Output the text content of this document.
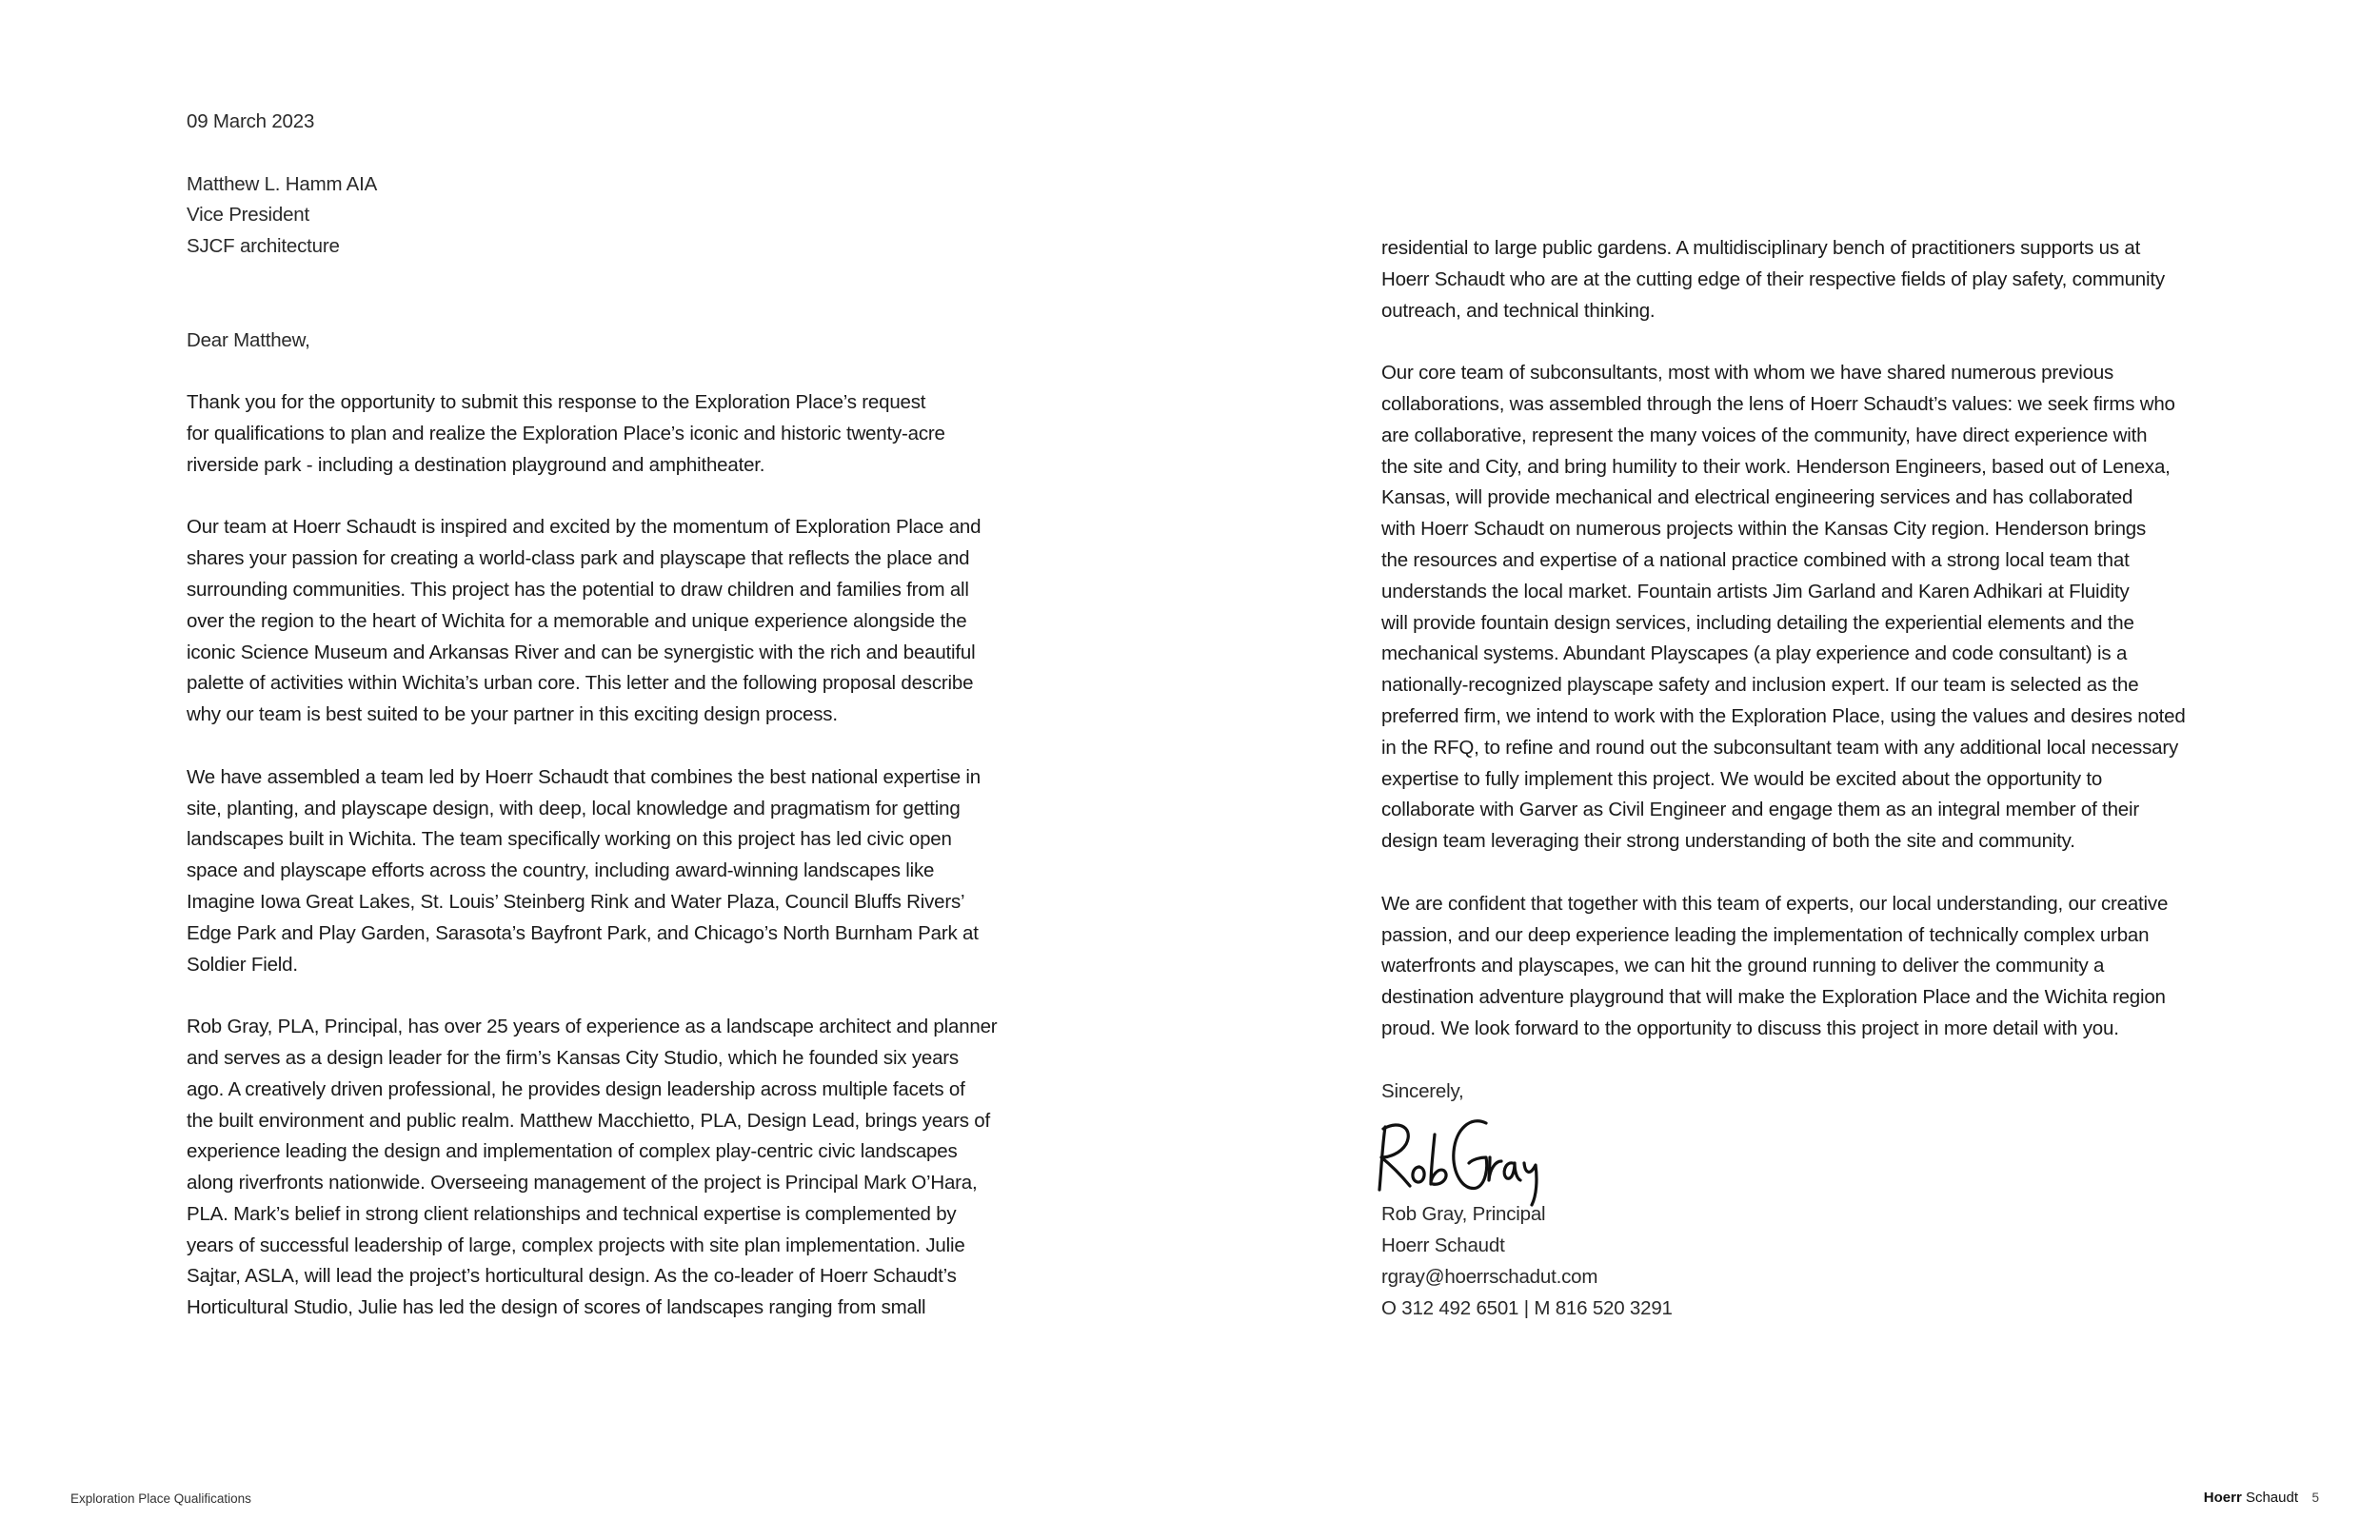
09 March 2023

Matthew L. Hamm AIA
Vice President
SJCF architecture

Dear Matthew,

Thank you for the opportunity to submit this response to the Exploration Place’s request
for qualifications to plan and realize the Exploration Place’s iconic and historic twenty-acre
riverside park - including a destination playground and amphitheater.

Our team at Hoerr Schaudt is inspired and excited by the momentum of Exploration Place and
shares your passion for creating a world-class park and playscape that reflects the place and
surrounding communities. This project has the potential to draw children and families from all
over the region to the heart of Wichita for a memorable and unique experience alongside the
iconic Science Museum and Arkansas River and can be synergistic with the rich and beautiful
palette of activities within Wichita’s urban core. This letter and the following proposal describe
why our team is best suited to be your partner in this exciting design process.

We have assembled a team led by Hoerr Schaudt that combines the best national expertise in
site, planting, and playscape design, with deep, local knowledge and pragmatism for getting
landscapes built in Wichita. The team specifically working on this project has led civic open
space and playscape efforts across the country, including award-winning landscapes like
Imagine Iowa Great Lakes, St. Louis’ Steinberg Rink and Water Plaza, Council Bluffs Rivers’
Edge Park and Play Garden, Sarasota’s Bayfront Park, and Chicago’s North Burnham Park at
Soldier Field.

Rob Gray, PLA, Principal, has over 25 years of experience as a landscape architect and planner
and serves as a design leader for the firm’s Kansas City Studio, which he founded six years
ago. A creatively driven professional, he provides design leadership across multiple facets of
the built environment and public realm. Matthew Macchietto, PLA, Design Lead, brings years of
experience leading the design and implementation of complex play-centric civic landscapes
along riverfronts nationwide. Overseeing management of the project is Principal Mark O’Hara,
PLA. Mark’s belief in strong client relationships and technical expertise is complemented by
years of successful leadership of large, complex projects with site plan implementation. Julie
Sajtar, ASLA, will lead the project’s horticultural design. As the co-leader of Hoerr Schaudt’s
Horticultural Studio, Julie has led the design of scores of landscapes ranging from small

residential to large public gardens. A multidisciplinary bench of practitioners supports us at
Hoerr Schaudt who are at the cutting edge of their respective fields of play safety, community
outreach, and technical thinking.

Our core team of subconsultants, most with whom we have shared numerous previous
collaborations, was assembled through the lens of Hoerr Schaudt’s values: we seek firms who
are collaborative, represent the many voices of the community, have direct experience with
the site and City, and bring humility to their work. Henderson Engineers, based out of Lenexa,
Kansas, will provide mechanical and electrical engineering services and has collaborated
with Hoerr Schaudt on numerous projects within the Kansas City region. Henderson brings
the resources and expertise of a national practice combined with a strong local team that
understands the local market. Fountain artists Jim Garland and Karen Adhikari at Fluidity
will provide fountain design services, including detailing the experiential elements and the
mechanical systems. Abundant Playscapes (a play experience and code consultant) is a
nationally-recognized playscape safety and inclusion expert. If our team is selected as the
preferred firm, we intend to work with the Exploration Place, using the values and desires noted
in the RFQ, to refine and round out the subconsultant team with any additional local necessary
expertise to fully implement this project. We would be excited about the opportunity to
collaborate with Garver as Civil Engineer and engage them as an integral member of their
design team leveraging their strong understanding of both the site and community.

We are confident that together with this team of experts, our local understanding, our creative
passion, and our deep experience leading the implementation of technically complex urban
waterfronts and playscapes, we can hit the ground running to deliver the community a
destination adventure playground that will make the Exploration Place and the Wichita region
proud. We look forward to the opportunity to discuss this project in more detail with you.

Sincerely,

Rob Gray, Principal
Hoerr Schaudt
rgray@hoerrschadut.com
O 312 492 6501 | M 816 520 3291

Exploration Place Qualifications	Hoerr Schaudt 5
